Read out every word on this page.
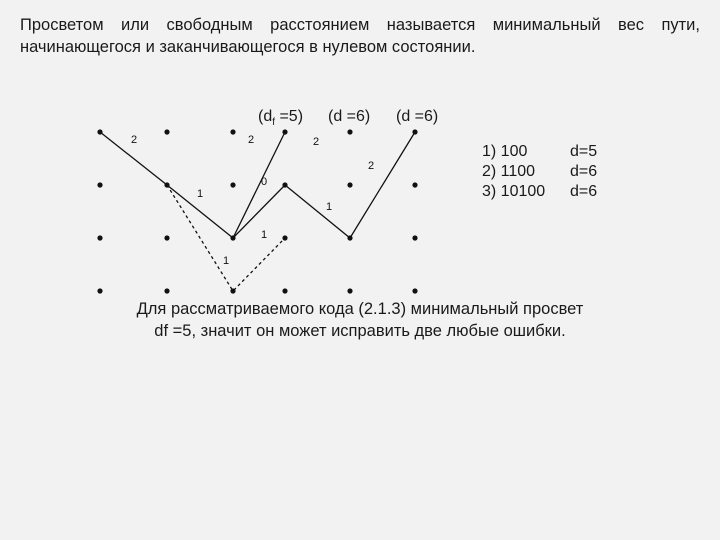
Просветом или свободным расстоянием называется минимальный вес пути,
начинающегося и заканчивающегося в нулевом состоянии.

$(d_f =5)$ (d =6) (d =6)
2	2	2
2
1
0
1
1
1
1) 100	d=5
2) 1100	d=6
3) 10100	d=6
Для рассматриваемого кода (2.1.3) минимальный просвет
df =5, значит он может исправить две любые ошибки.
